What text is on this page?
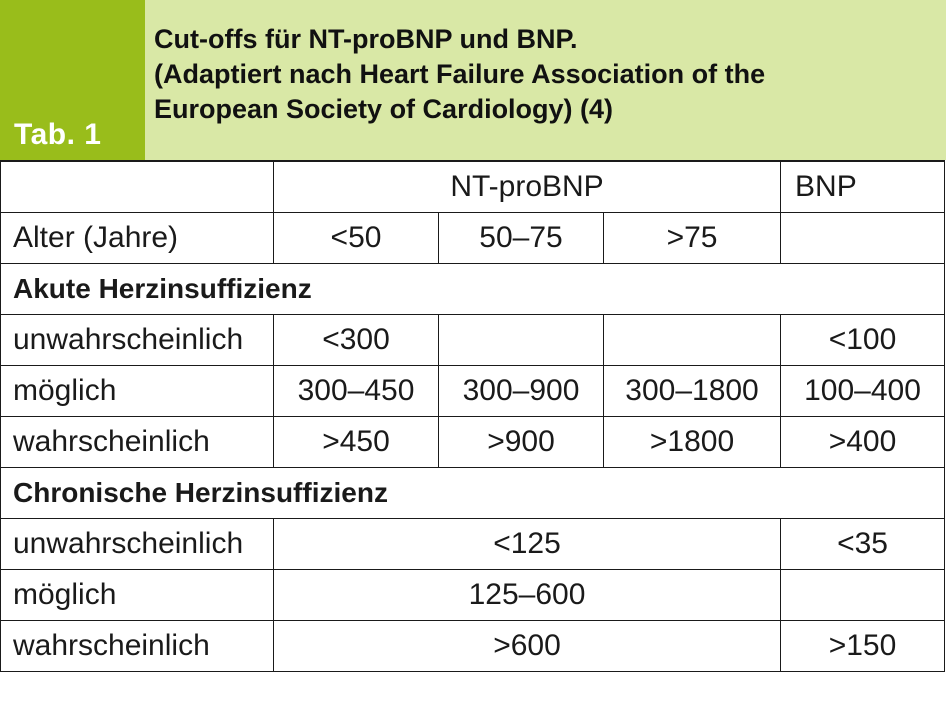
Tab. 1
Cut-offs für NT-proBNP und BNP.
(Adaptiert nach Heart Failure Association of the
European Society of Cardiology) (4)
	NT-proBNP			BNP
Alter (Jahre)	<50	50–75	>75	
Akute Herzinsuffizienz				
unwahrscheinlich	<300			<100
möglich	300–450	300–900	300–1800	100–400
wahrscheinlich	>450	>900	>1800	>400
Chronische Herzinsuffizienz				
unwahrscheinlich	<125			<35
möglich	125–600			
wahrscheinlich	>600			>150
